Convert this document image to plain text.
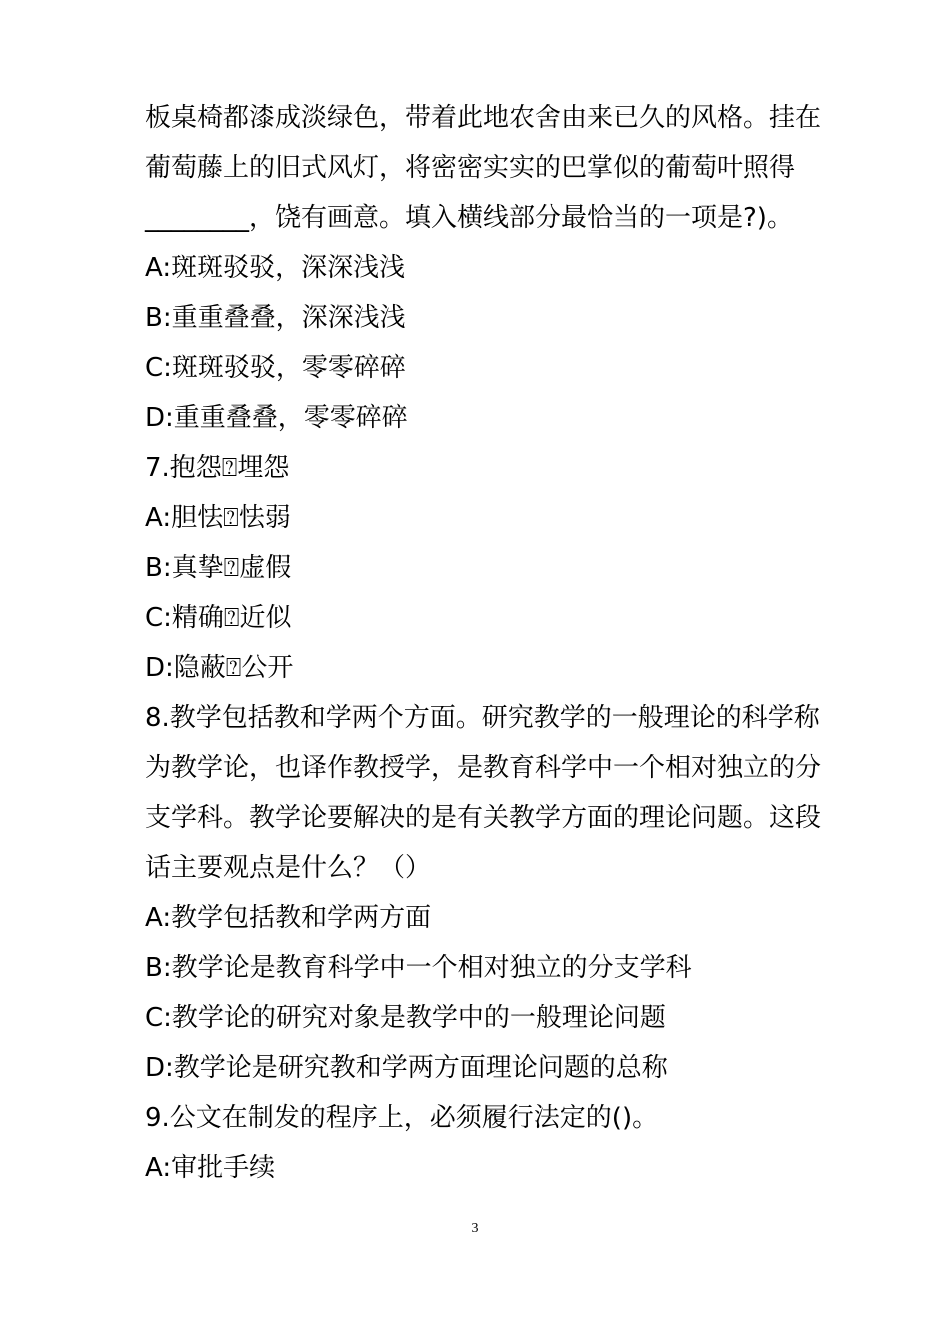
板桌椅都漆成淡绿色，带着此地农舍由来已久的风格。挂在
葡萄藤上的旧式风灯，将密密实实的巴掌似的葡萄叶照得
________，饶有画意。填入横线部分最恰当的一项是?)。
A:斑斑驳驳，深深浅浅
B:重重叠叠，深深浅浅
C:斑斑驳驳，零零碎碎
D:重重叠叠，零零碎碎
7.抱怨⍰埋怨
A:胆怯⍰怯弱
B:真挚⍰虚假
C:精确⍰近似
D:隐蔽⍰公开
8.教学包括教和学两个方面。研究教学的一般理论的科学称
为教学论，也译作教授学，是教育科学中一个相对独立的分
支学科。教学论要解决的是有关教学方面的理论问题。这段
话主要观点是什么？（）
A:教学包括教和学两方面
B:教学论是教育科学中一个相对独立的分支学科
C:教学论的研究对象是教学中的一般理论问题
D:教学论是研究教和学两方面理论问题的总称
9.公文在制发的程序上，必须履行法定的()。
A:审批手续
3
